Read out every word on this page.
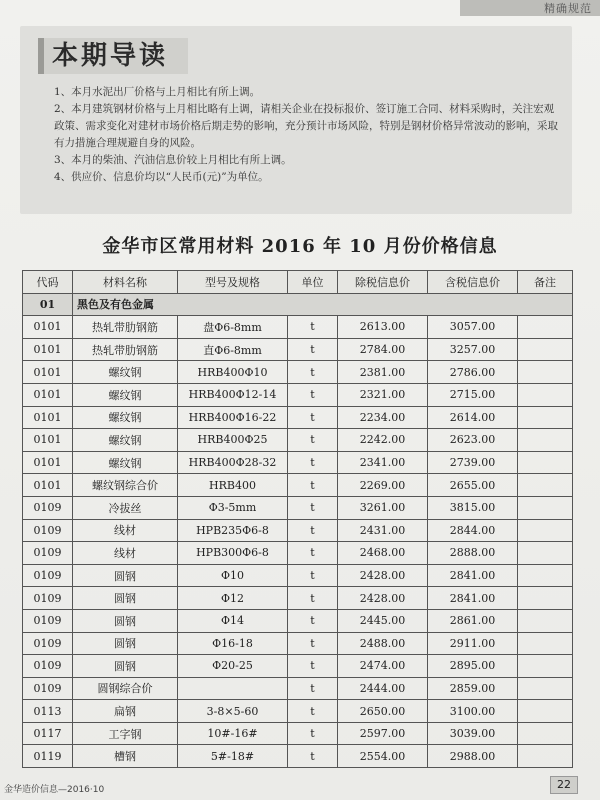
精确规范
本期导读

1、本月水泥出厂价格与上月相比有所上调。

2、本月建筑钢材价格与上月相比略有上调，请相关企业在投标报价、签订施工合同、材料采购时，关注宏观政策、需求变化对建材市场价格后期走势的影响，充分预计市场风险，特别是钢材价格异常波动的影响，采取有力措施合理规避自身的风险。

3、本月的柴油、汽油信息价较上月相比有所上调。

4、供应价、信息价均以“人民币(元)”为单位。

金华市区常用材料 2016 年 10 月份价格信息
代码	材料名称	型号及规格	单位	除税信息价	含税信息价	备注
01	黑色及有色金属					
0101	热轧带肋钢筋	盘Φ6-8mm	t	2613.00	3057.00	
0101	热轧带肋钢筋	直Φ6-8mm	t	2784.00	3257.00	
0101	螺纹钢	HRB400Φ10	t	2381.00	2786.00	
0101	螺纹钢	HRB400Φ12-14	t	2321.00	2715.00	
0101	螺纹钢	HRB400Φ16-22	t	2234.00	2614.00	
0101	螺纹钢	HRB400Φ25	t	2242.00	2623.00	
0101	螺纹钢	HRB400Φ28-32	t	2341.00	2739.00	
0101	螺纹钢综合价	HRB400	t	2269.00	2655.00	
0109	冷拔丝	Φ3-5mm	t	3261.00	3815.00	
0109	线材	HPB235Φ6-8	t	2431.00	2844.00	
0109	线材	HPB300Φ6-8	t	2468.00	2888.00	
0109	圆钢	Φ10	t	2428.00	2841.00	
0109	圆钢	Φ12	t	2428.00	2841.00	
0109	圆钢	Φ14	t	2445.00	2861.00	
0109	圆钢	Φ16-18	t	2488.00	2911.00	
0109	圆钢	Φ20-25	t	2474.00	2895.00	
0109	圆钢综合价		t	2444.00	2859.00	
0113	扁钢	3-8×5-60	t	2650.00	3100.00	
0117	工字钢	10#-16#	t	2597.00	3039.00	
0119	槽钢	5#-18#	t	2554.00	2988.00	
金华造价信息—2016·10	22
